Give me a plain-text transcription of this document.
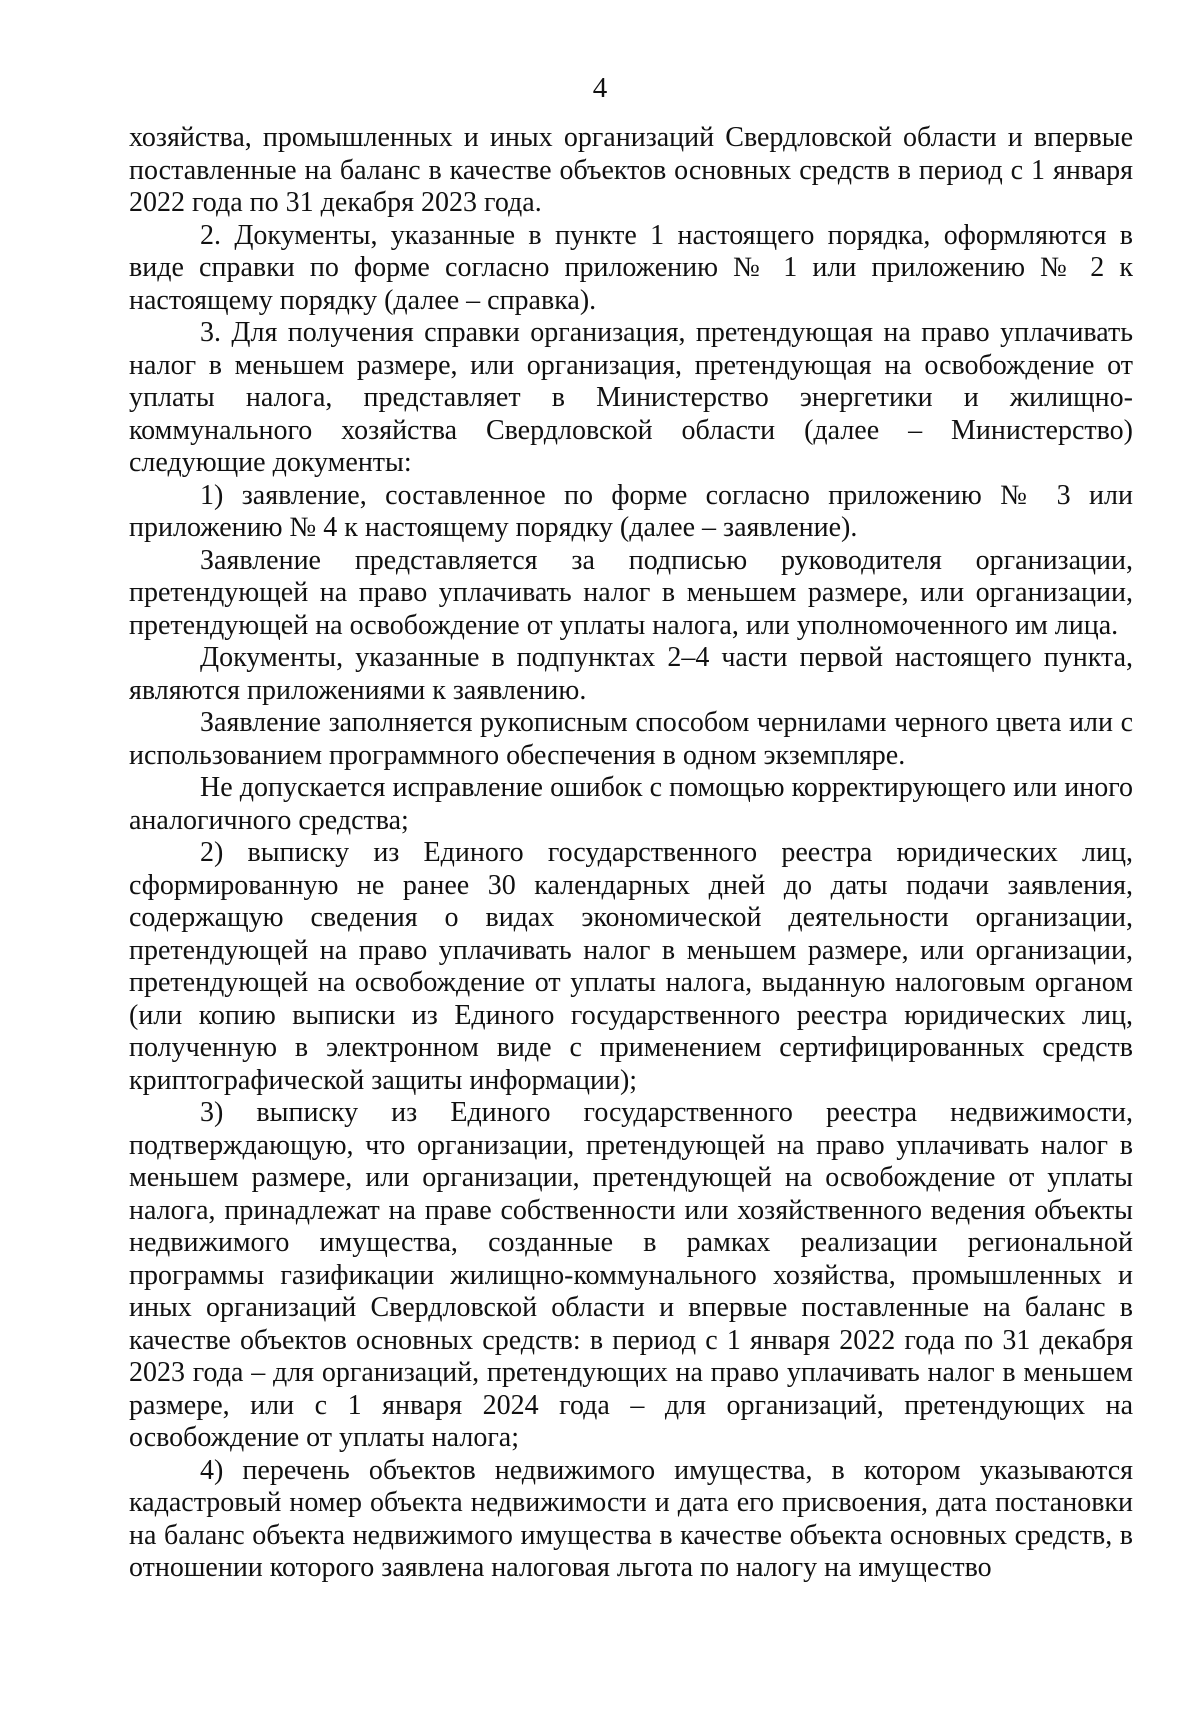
4

хозяйства, промышленных и иных организаций Свердловской области и впервые поставленные на баланс в качестве объектов основных средств в период с 1 января 2022 года по 31 декабря 2023 года.

2. Документы, указанные в пункте 1 настоящего порядка, оформляются в виде справки по форме согласно приложению № 1 или приложению № 2 к настоящему порядку (далее – справка).

3. Для получения справки организация, претендующая на право уплачивать налог в меньшем размере, или организация, претендующая на освобождение от уплаты налога, представляет в Министерство энергетики и жилищно-коммунального хозяйства Свердловской области (далее – Министерство) следующие документы:

1) заявление, составленное по форме согласно приложению № 3 или приложению № 4 к настоящему порядку (далее – заявление).

Заявление представляется за подписью руководителя организации, претендующей на право уплачивать налог в меньшем размере, или организации, претендующей на освобождение от уплаты налога, или уполномоченного им лица.

Документы, указанные в подпунктах 2–4 части первой настоящего пункта, являются приложениями к заявлению.

Заявление заполняется рукописным способом чернилами черного цвета или с использованием программного обеспечения в одном экземпляре.

Не допускается исправление ошибок с помощью корректирующего или иного аналогичного средства;

2) выписку из Единого государственного реестра юридических лиц, сформированную не ранее 30 календарных дней до даты подачи заявления, содержащую сведения о видах экономической деятельности организации, претендующей на право уплачивать налог в меньшем размере, или организации, претендующей на освобождение от уплаты налога, выданную налоговым органом (или копию выписки из Единого государственного реестра юридических лиц, полученную в электронном виде с применением сертифицированных средств криптографической защиты информации);

3) выписку из Единого государственного реестра недвижимости, подтверждающую, что организации, претендующей на право уплачивать налог в меньшем размере, или организации, претендующей на освобождение от уплаты налога, принадлежат на праве собственности или хозяйственного ведения объекты недвижимого имущества, созданные в рамках реализации региональной программы газификации жилищно-коммунального хозяйства, промышленных и иных организаций Свердловской области и впервые поставленные на баланс в качестве объектов основных средств: в период с 1 января 2022 года по 31 декабря 2023 года – для организаций, претендующих на право уплачивать налог в меньшем размере, или с 1 января 2024 года – для организаций, претендующих на освобождение от уплаты налога;

4) перечень объектов недвижимого имущества, в котором указываются кадастровый номер объекта недвижимости и дата его присвоения, дата постановки на баланс объекта недвижимого имущества в качестве объекта основных средств, в отношении которого заявлена налоговая льгота по налогу на имущество
